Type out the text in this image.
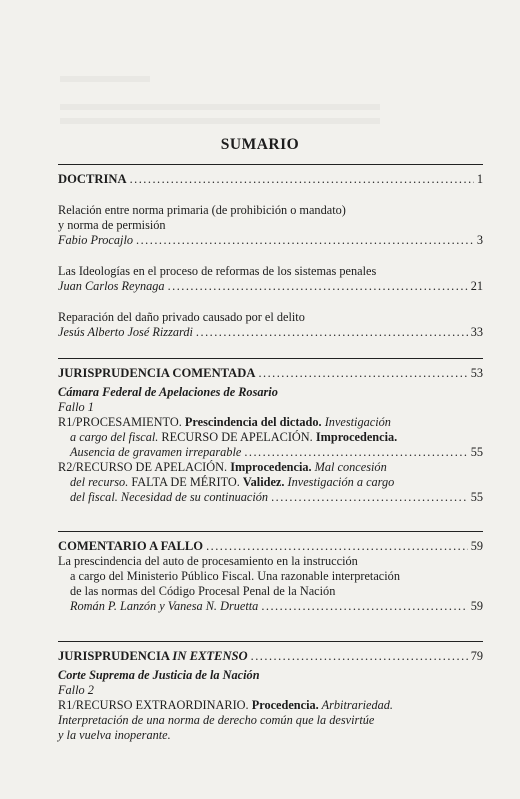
SUMARIO
DOCTRINA .....	1
Relación entre norma primaria (de prohibición o mandato)
y norma de permisión
Fabio Procajlo .....	3
Las Ideologías en el proceso de reformas de los sistemas penales
Juan Carlos Reynaga .....	21
Reparación del daño privado causado por el delito
Jesús Alberto José Rizzardi .....	33
JURISPRUDENCIA COMENTADA .....	53
Cámara Federal de Apelaciones de Rosario
Fallo 1
R1/PROCESAMIENTO. Prescindencia del dictado. Investigación
a cargo del fiscal. RECURSO DE APELACIÓN. Improcedencia.
Ausencia de gravamen irreparable .....	55
R2/RECURSO DE APELACIÓN. Improcedencia. Mal concesión
del recurso. FALTA DE MÉRITO. Validez. Investigación a cargo
del fiscal. Necesidad de su continuación .....	55
COMENTARIO A FALLO .....	59
La prescindencia del auto de procesamiento en la instrucción
a cargo del Ministerio Público Fiscal. Una razonable interpretación
de las normas del Código Procesal Penal de la Nación
Román P. Lanzón y Vanesa N. Druetta .....	59
JURISPRUDENCIA IN EXTENSO .....	79
Corte Suprema de Justicia de la Nación
Fallo 2
R1/RECURSO EXTRAORDINARIO. Procedencia. Arbitrariedad.
Interpretación de una norma de derecho común que la desvirtúe
y la vuelva inoperante.
